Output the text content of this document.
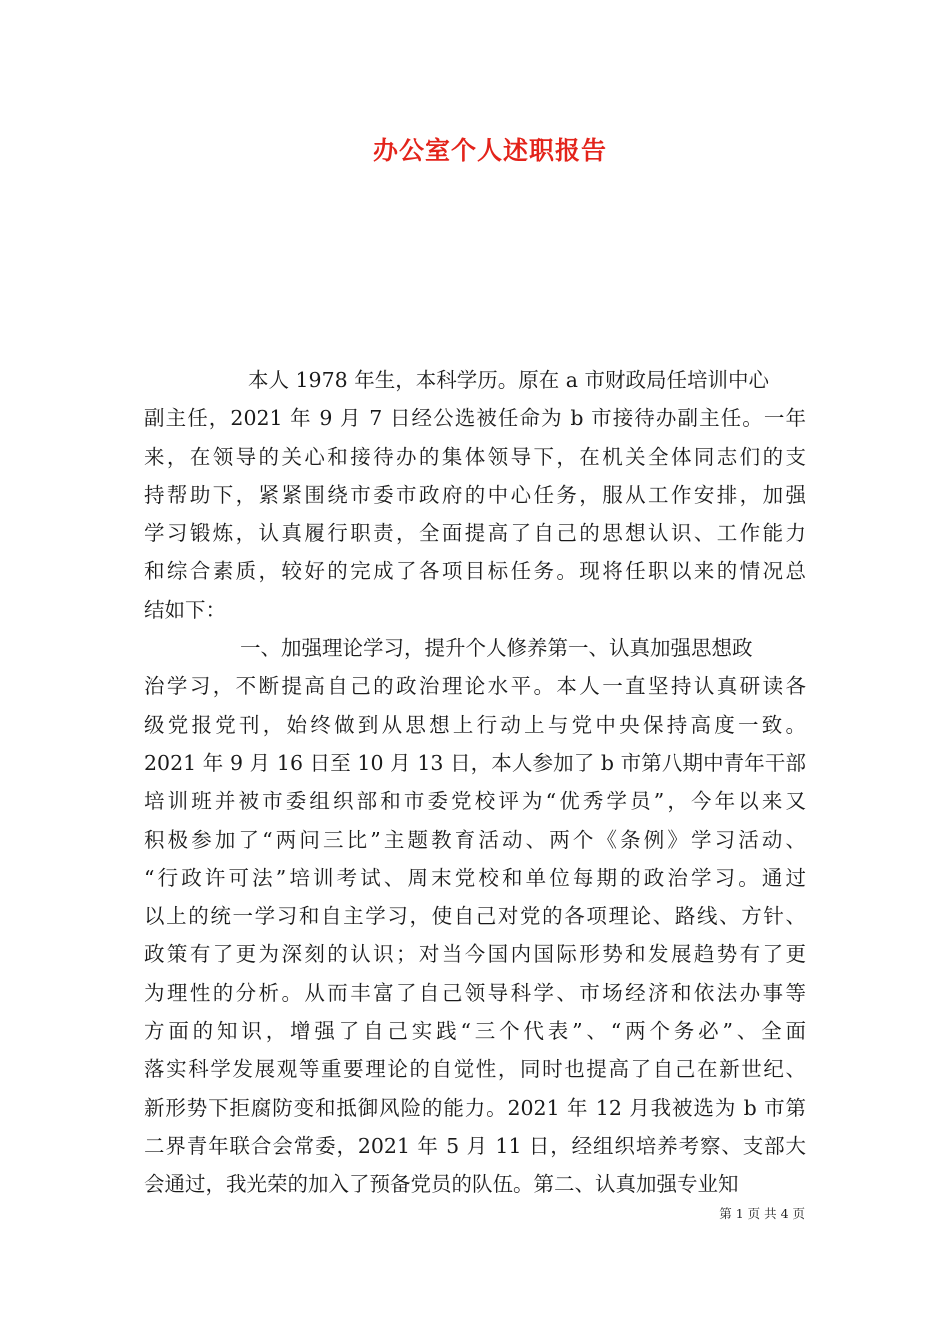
办公室个人述职报告
本人 1978 年生，本科学历。原在 a 市财政局任培训中心
副主任，2021 年 9 月 7 日经公选被任命为 b 市接待办副主任。一年
来，在领导的关心和接待办的集体领导下，在机关全体同志们的支
持帮助下，紧紧围绕市委市政府的中心任务，服从工作安排，加强
学习锻炼，认真履行职责，全面提高了自己的思想认识、工作能力
和综合素质，较好的完成了各项目标任务。现将任职以来的情况总
结如下：
一、加强理论学习，提升个人修养第一、认真加强思想政
治学习，不断提高自己的政治理论水平。本人一直坚持认真研读各
级党报党刊，始终做到从思想上行动上与党中央保持高度一致。
2021 年 9 月 16 日至 10 月 13 日，本人参加了 b 市第八期中青年干部
培训班并被市委组织部和市委党校评为“优秀学员”，今年以来又
积极参加了“两问三比”主题教育活动、两个《条例》学习活动、
“行政许可法”培训考试、周末党校和单位每期的政治学习。通过
以上的统一学习和自主学习，使自己对党的各项理论、路线、方针、
政策有了更为深刻的认识；对当今国内国际形势和发展趋势有了更
为理性的分析。从而丰富了自己领导科学、市场经济和依法办事等
方面的知识，增强了自己实践“三个代表”、“两个务必”、全面
落实科学发展观等重要理论的自觉性，同时也提高了自己在新世纪、
新形势下拒腐防变和抵御风险的能力。2021 年 12 月我被选为 b 市第
二界青年联合会常委，2021 年 5 月 11 日，经组织培养考察、支部大
会通过，我光荣的加入了预备党员的队伍。第二、认真加强专业知
第 1 页 共 4 页
